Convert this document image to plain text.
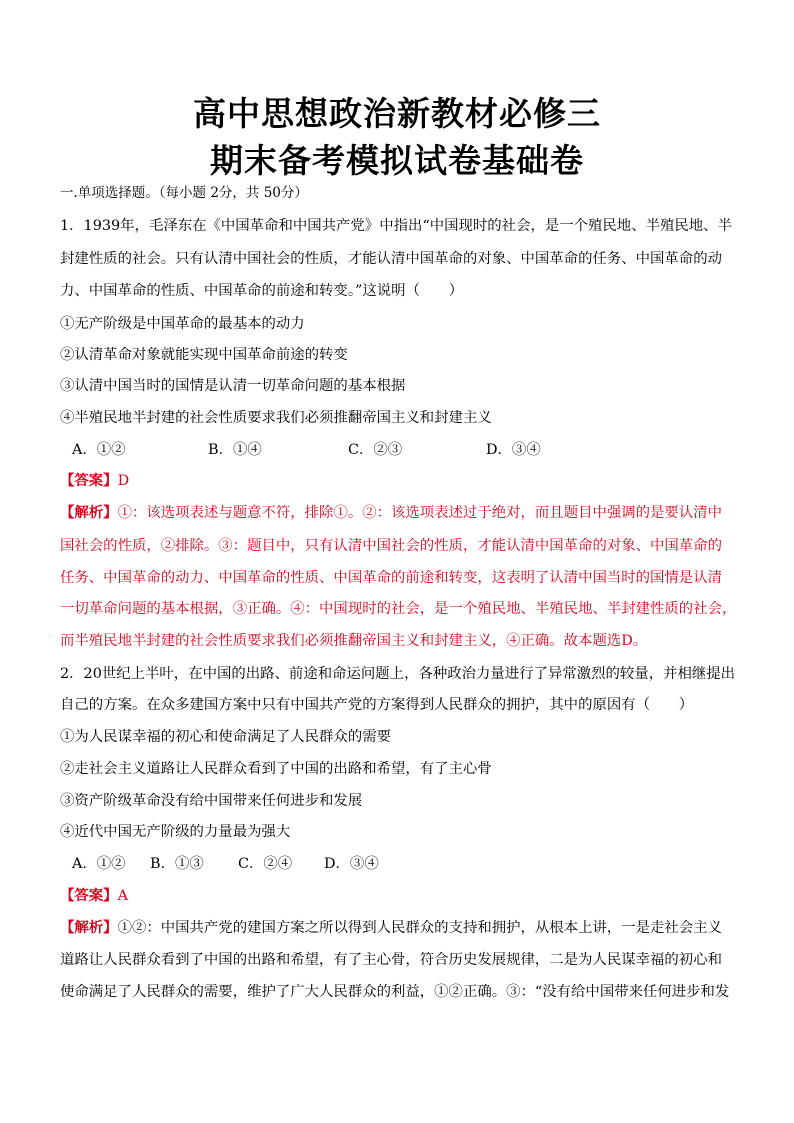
高中思想政治新教材必修三
期末备考模拟试卷基础卷
一.单项选择题。（每小题 2分，共 50分）
1．1939年，毛泽东在《中国革命和中国共产党》中指出“中国现时的社会，是一个殖民地、半殖民地、半
封建性质的社会。只有认清中国社会的性质，才能认清中国革命的对象、中国革命的任务、中国革命的动
力、中国革命的性质、中国革命的前途和转变。”这说明（　　）
①无产阶级是中国革命的最基本的动力
②认清革命对象就能实现中国革命前途的转变
③认清中国当时的国情是认清一切革命问题的基本根据
④半殖民地半封建的社会性质要求我们必须推翻帝国主义和封建主义
A．①②	B．①④	C．②③	D．③④
【答案】D
【解析】①：该选项表述与题意不符，排除①。②：该选项表述过于绝对，而且题目中强调的是要认清中
国社会的性质，②排除。③：题目中，只有认清中国社会的性质，才能认清中国革命的对象、中国革命的
任务、中国革命的动力、中国革命的性质、中国革命的前途和转变，这表明了认清中国当时的国情是认清
一切革命问题的基本根据，③正确。④：中国现时的社会，是一个殖民地、半殖民地、半封建性质的社会，
而半殖民地半封建的社会性质要求我们必须推翻帝国主义和封建主义，④正确。故本题选D。
2．20世纪上半叶，在中国的出路、前途和命运问题上，各种政治力量进行了异常激烈的较量，并相继提出
自己的方案。在众多建国方案中只有中国共产党的方案得到人民群众的拥护，其中的原因有（　　）
①为人民谋幸福的初心和使命满足了人民群众的需要
②走社会主义道路让人民群众看到了中国的出路和希望，有了主心骨
③资产阶级革命没有给中国带来任何进步和发展
④近代中国无产阶级的力量最为强大
A．①② B．①③ C．②④ D．③④
【答案】A
【解析】①②：中国共产党的建国方案之所以得到人民群众的支持和拥护，从根本上讲，一是走社会主义
道路让人民群众看到了中国的出路和希望，有了主心骨，符合历史发展规律，二是为人民谋幸福的初心和
使命满足了人民群众的需要，维护了广大人民群众的利益，①②正确。③：“没有给中国带来任何进步和发
